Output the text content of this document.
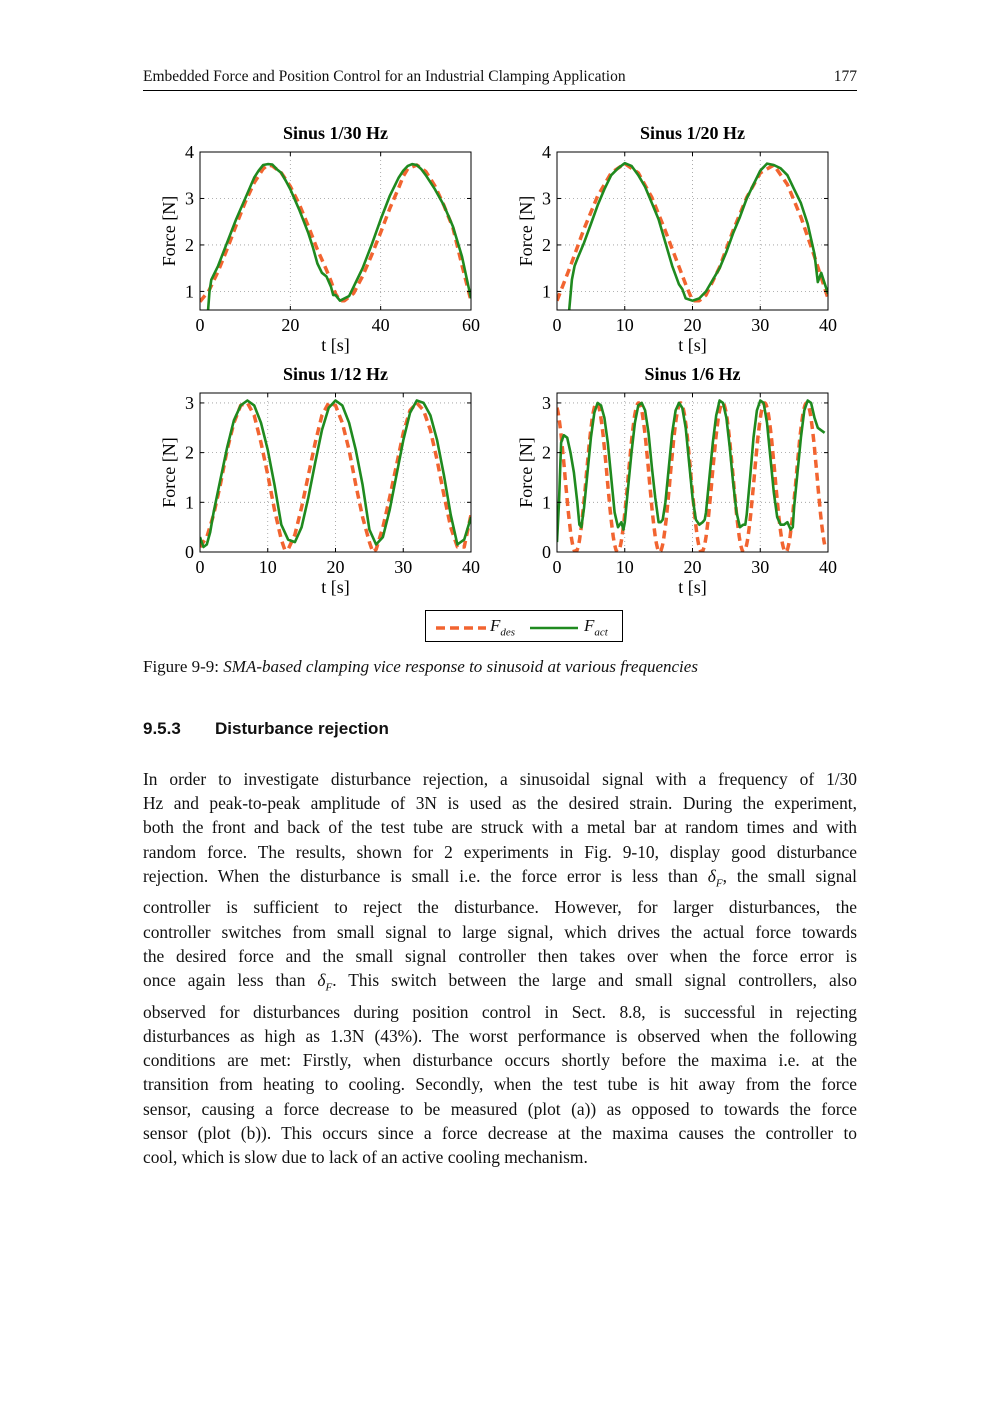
Embedded Force and Position Control for an Industrial Clamping Application	177
0	20	40	60
1
2
3
4
Sinus 1/30 Hz
t [s]
Force [N]
0	10	20	30	40
1
2
3
4
Sinus 1/20 Hz
t [s]
Force [N]
0	10	20	30	40
0
1
2
3
Sinus 1/12 Hz
t [s]
Force [N]
0	10	20	30	40
0
1
2
3
Sinus 1/6 Hz
t [s]
Force [N]
$F_{des}$	$F_{act}$
Figure 9-9: SMA-based clamping vice response to sinusoid at various frequencies
9.5.3 Disturbance rejection
In order to investigate disturbance rejection, a sinusoidal signal with a frequency of 1/30
Hz and peak-to-peak amplitude of 3N is used as the desired strain. During the experiment,
both the front and back of the test tube are struck with a metal bar at random times and with
random force. The results, shown for 2 experiments in Fig. 9-10, display good disturbance
rejection. When the disturbance is small i.e. the force error is less than $\delta_F$, the small signal
controller is sufficient to reject the disturbance. However, for larger disturbances, the
controller switches from small signal to large signal, which drives the actual force towards
the desired force and the small signal controller then takes over when the force error is
once again less than $\delta_F$. This switch between the large and small signal controllers, also
observed for disturbances during position control in Sect. 8.8, is successful in rejecting
disturbances as high as 1.3N (43%). The worst performance is observed when the following
conditions are met: Firstly, when disturbance occurs shortly before the maxima i.e. at the
transition from heating to cooling. Secondly, when the test tube is hit away from the force
sensor, causing a force decrease to be measured (plot (a)) as opposed to towards the force
sensor (plot (b)). This occurs since a force decrease at the maxima causes the controller to
cool, which is slow due to lack of an active cooling mechanism.
